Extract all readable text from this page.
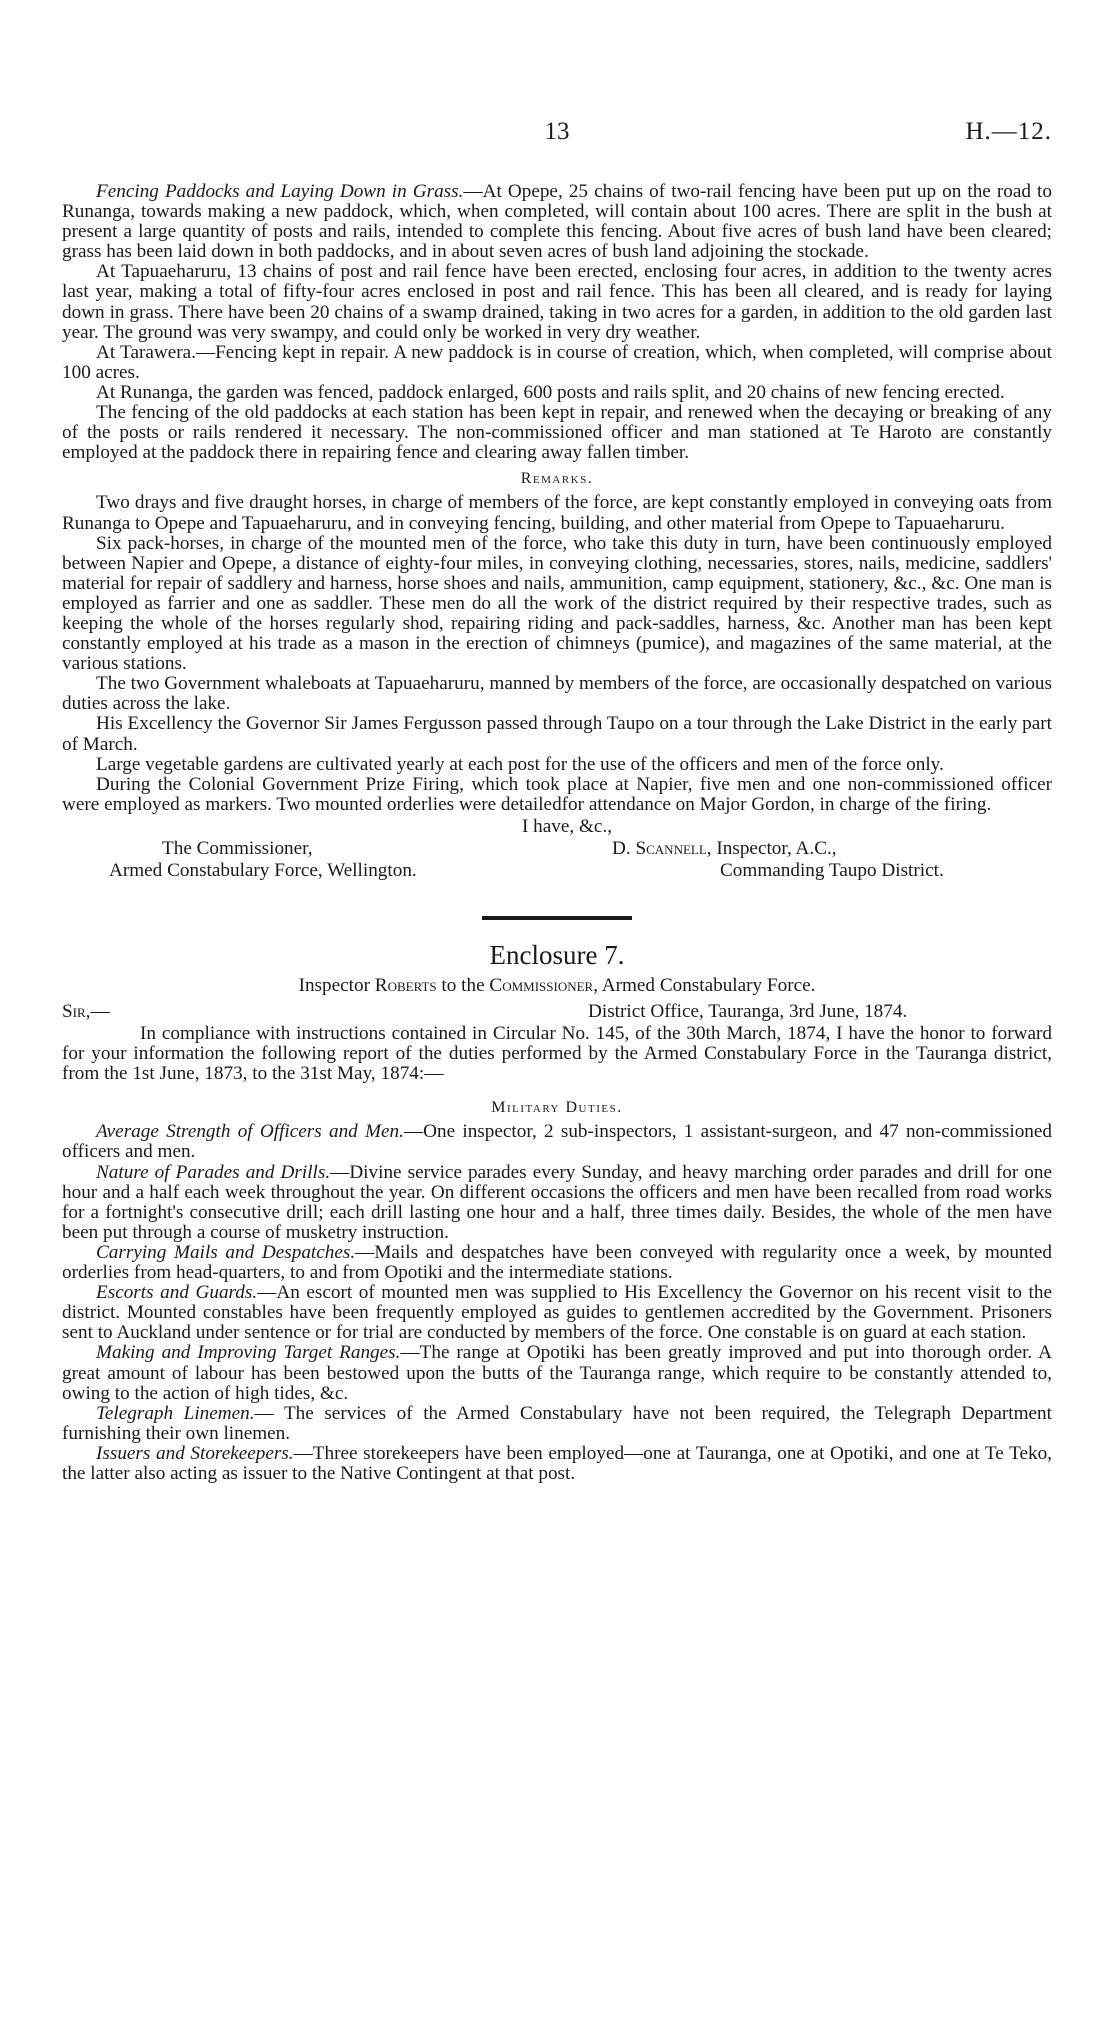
13	H.—12.

Fencing Paddocks and Laying Down in Grass.—At Opepe, 25 chains of two-rail fencing have been put up on the road to Runanga, towards making a new paddock, which, when completed, will contain about 100 acres. There are split in the bush at present a large quantity of posts and rails, intended to complete this fencing. About five acres of bush land have been cleared; grass has been laid down in both paddocks, and in about seven acres of bush land adjoining the stockade.

At Tapuaeharuru, 13 chains of post and rail fence have been erected, enclosing four acres, in addition to the twenty acres last year, making a total of fifty-four acres enclosed in post and rail fence. This has been all cleared, and is ready for laying down in grass. There have been 20 chains of a swamp drained, taking in two acres for a garden, in addition to the old garden last year. The ground was very swampy, and could only be worked in very dry weather.

At Tarawera.—Fencing kept in repair. A new paddock is in course of creation, which, when completed, will comprise about 100 acres.

At Runanga, the garden was fenced, paddock enlarged, 600 posts and rails split, and 20 chains of new fencing erected.

The fencing of the old paddocks at each station has been kept in repair, and renewed when the decaying or breaking of any of the posts or rails rendered it necessary. The non-commissioned officer and man stationed at Te Haroto are constantly employed at the paddock there in repairing fence and clearing away fallen timber.

Remarks.

Two drays and five draught horses, in charge of members of the force, are kept constantly employed in conveying oats from Runanga to Opepe and Tapuaeharuru, and in conveying fencing, building, and other material from Opepe to Tapuaeharuru.

Six pack-horses, in charge of the mounted men of the force, who take this duty in turn, have been continuously employed between Napier and Opepe, a distance of eighty-four miles, in conveying clothing, necessaries, stores, nails, medicine, saddlers' material for repair of saddlery and harness, horse shoes and nails, ammunition, camp equipment, stationery, &c., &c. One man is employed as farrier and one as saddler. These men do all the work of the district required by their respective trades, such as keeping the whole of the horses regularly shod, repairing riding and pack-saddles, harness, &c. Another man has been kept constantly employed at his trade as a mason in the erection of chimneys (pumice), and magazines of the same material, at the various stations.

The two Government whaleboats at Tapuaeharuru, manned by members of the force, are occasionally despatched on various duties across the lake.

His Excellency the Governor Sir James Fergusson passed through Taupo on a tour through the Lake District in the early part of March.

Large vegetable gardens are cultivated yearly at each post for the use of the officers and men of the force only.

During the Colonial Government Prize Firing, which took place at Napier, five men and one non-commissioned officer were employed as markers. Two mounted orderlies were detailedfor attendance on Major Gordon, in charge of the firing.

I have, &c.,
The Commissioner,
Armed Constabulary Force, Wellington.
D. Scannell, Inspector, A.C.,
Commanding Taupo District.
Enclosure 7.
Inspector Roberts to the Commissioner, Armed Constabulary Force.
Sir,—	District Office, Tauranga, 3rd June, 1874.

In compliance with instructions contained in Circular No. 145, of the 30th March, 1874, I have the honor to forward for your information the following report of the duties performed by the Armed Constabulary Force in the Tauranga district, from the 1st June, 1873, to the 31st May, 1874:—

Military Duties.

Average Strength of Officers and Men.—One inspector, 2 sub-inspectors, 1 assistant-surgeon, and 47 non-commissioned officers and men.

Nature of Parades and Drills.—Divine service parades every Sunday, and heavy marching order parades and drill for one hour and a half each week throughout the year. On different occasions the officers and men have been recalled from road works for a fortnight's consecutive drill; each drill lasting one hour and a half, three times daily. Besides, the whole of the men have been put through a course of musketry instruction.

Carrying Mails and Despatches.—Mails and despatches have been conveyed with regularity once a week, by mounted orderlies from head-quarters, to and from Opotiki and the intermediate stations.

Escorts and Guards.—An escort of mounted men was supplied to His Excellency the Governor on his recent visit to the district. Mounted constables have been frequently employed as guides to gentlemen accredited by the Government. Prisoners sent to Auckland under sentence or for trial are conducted by members of the force. One constable is on guard at each station.

Making and Improving Target Ranges.—The range at Opotiki has been greatly improved and put into thorough order. A great amount of labour has been bestowed upon the butts of the Tauranga range, which require to be constantly attended to, owing to the action of high tides, &c.

Telegraph Linemen.— The services of the Armed Constabulary have not been required, the Telegraph Department furnishing their own linemen.

Issuers and Storekeepers.—Three storekeepers have been employed—one at Tauranga, one at Opotiki, and one at Te Teko, the latter also acting as issuer to the Native Contingent at that post.
